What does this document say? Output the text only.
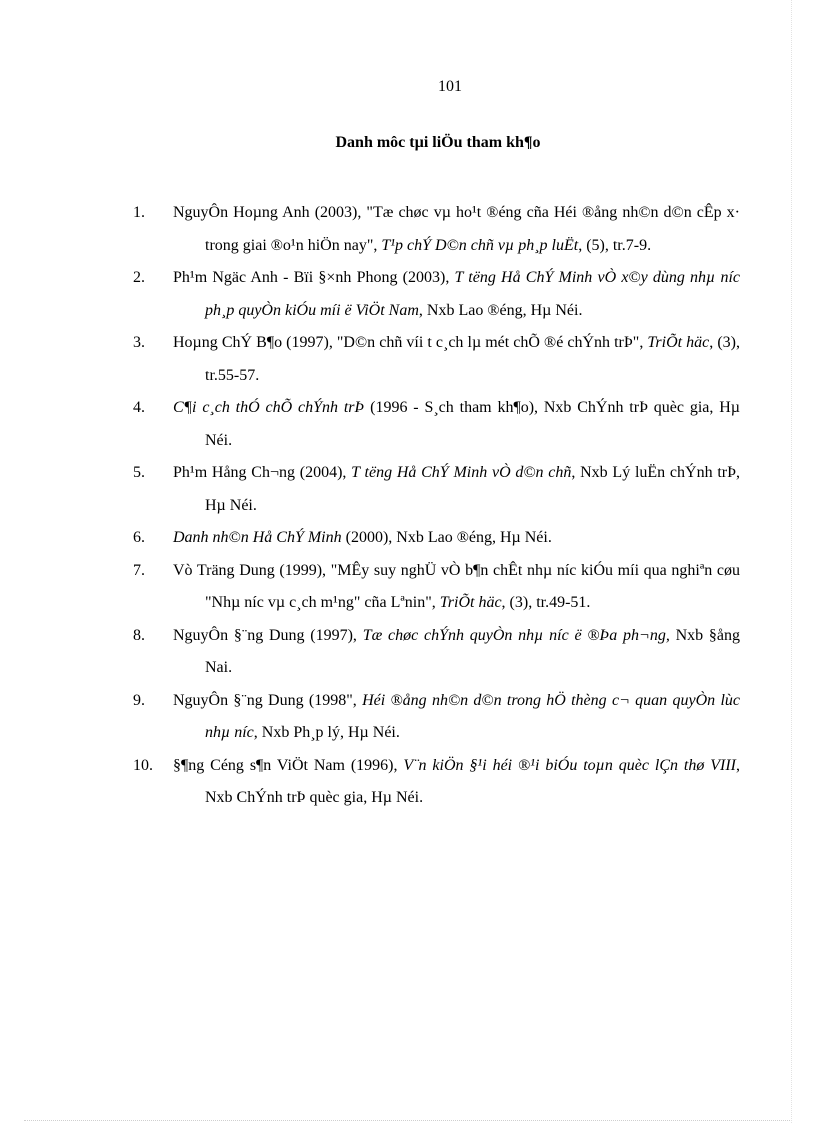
101
Danh môc tµi liÖu tham kh¶o
1. NguyÔn Hoµng Anh (2003), "Tæ chøc vµ ho¹t ®éng cña Héi ®ång nh©n d©n cÊp x· trong giai ®o¹n hiÖn nay", T¹p chÝ D©n chñ vµ ph¸p luËt, (5), tr.7-9.
2. Ph¹m Ngäc Anh - Bïi §×nh Phong (2003), T tëng Hå ChÝ Minh vÒ x©y dùng nhµ níc ph¸p quyÒn kiÓu míi ë ViÖt Nam, Nxb Lao ®éng, Hµ Néi.
3. Hoµng ChÝ B¶o (1997), "D©n chñ víi t c¸ch lµ mét chÕ ®é chÝnh trÞ", TriÕt häc, (3), tr.55-57.
4. C¶i c¸ch thÓ chÕ chÝnh trÞ (1996 - S¸ch tham kh¶o), Nxb ChÝnh trÞ quèc gia, Hµ Néi.
5. Ph¹m Hång Ch¬ng (2004), T tëng Hå ChÝ Minh vÒ d©n chñ, Nxb Lý luËn chÝnh trÞ, Hµ Néi.
6. Danh nh©n Hå ChÝ Minh (2000), Nxb Lao ®éng, Hµ Néi.
7. Vò Träng Dung (1999), "MÊy suy nghÜ vÒ b¶n chÊt nhµ níc kiÓu míi qua nghiªn cøu "Nhµ níc vµ c¸ch m¹ng" cña Lªnin", TriÕt häc, (3), tr.49-51.
8. NguyÔn §¨ng Dung (1997), Tæ chøc chÝnh quyÒn nhµ níc ë ®Þa ph¬ng, Nxb §ång Nai.
9. NguyÔn §¨ng Dung (1998", Héi ®ång nh©n d©n trong hÖ thèng c¬ quan quyÒn lùc nhµ níc, Nxb Ph¸p lý, Hµ Néi.
10. §¶ng Céng s¶n ViÖt Nam (1996), V¨n kiÖn §¹i héi ®¹i biÓu toµn quèc lÇn thø VIII, Nxb ChÝnh trÞ quèc gia, Hµ Néi.
